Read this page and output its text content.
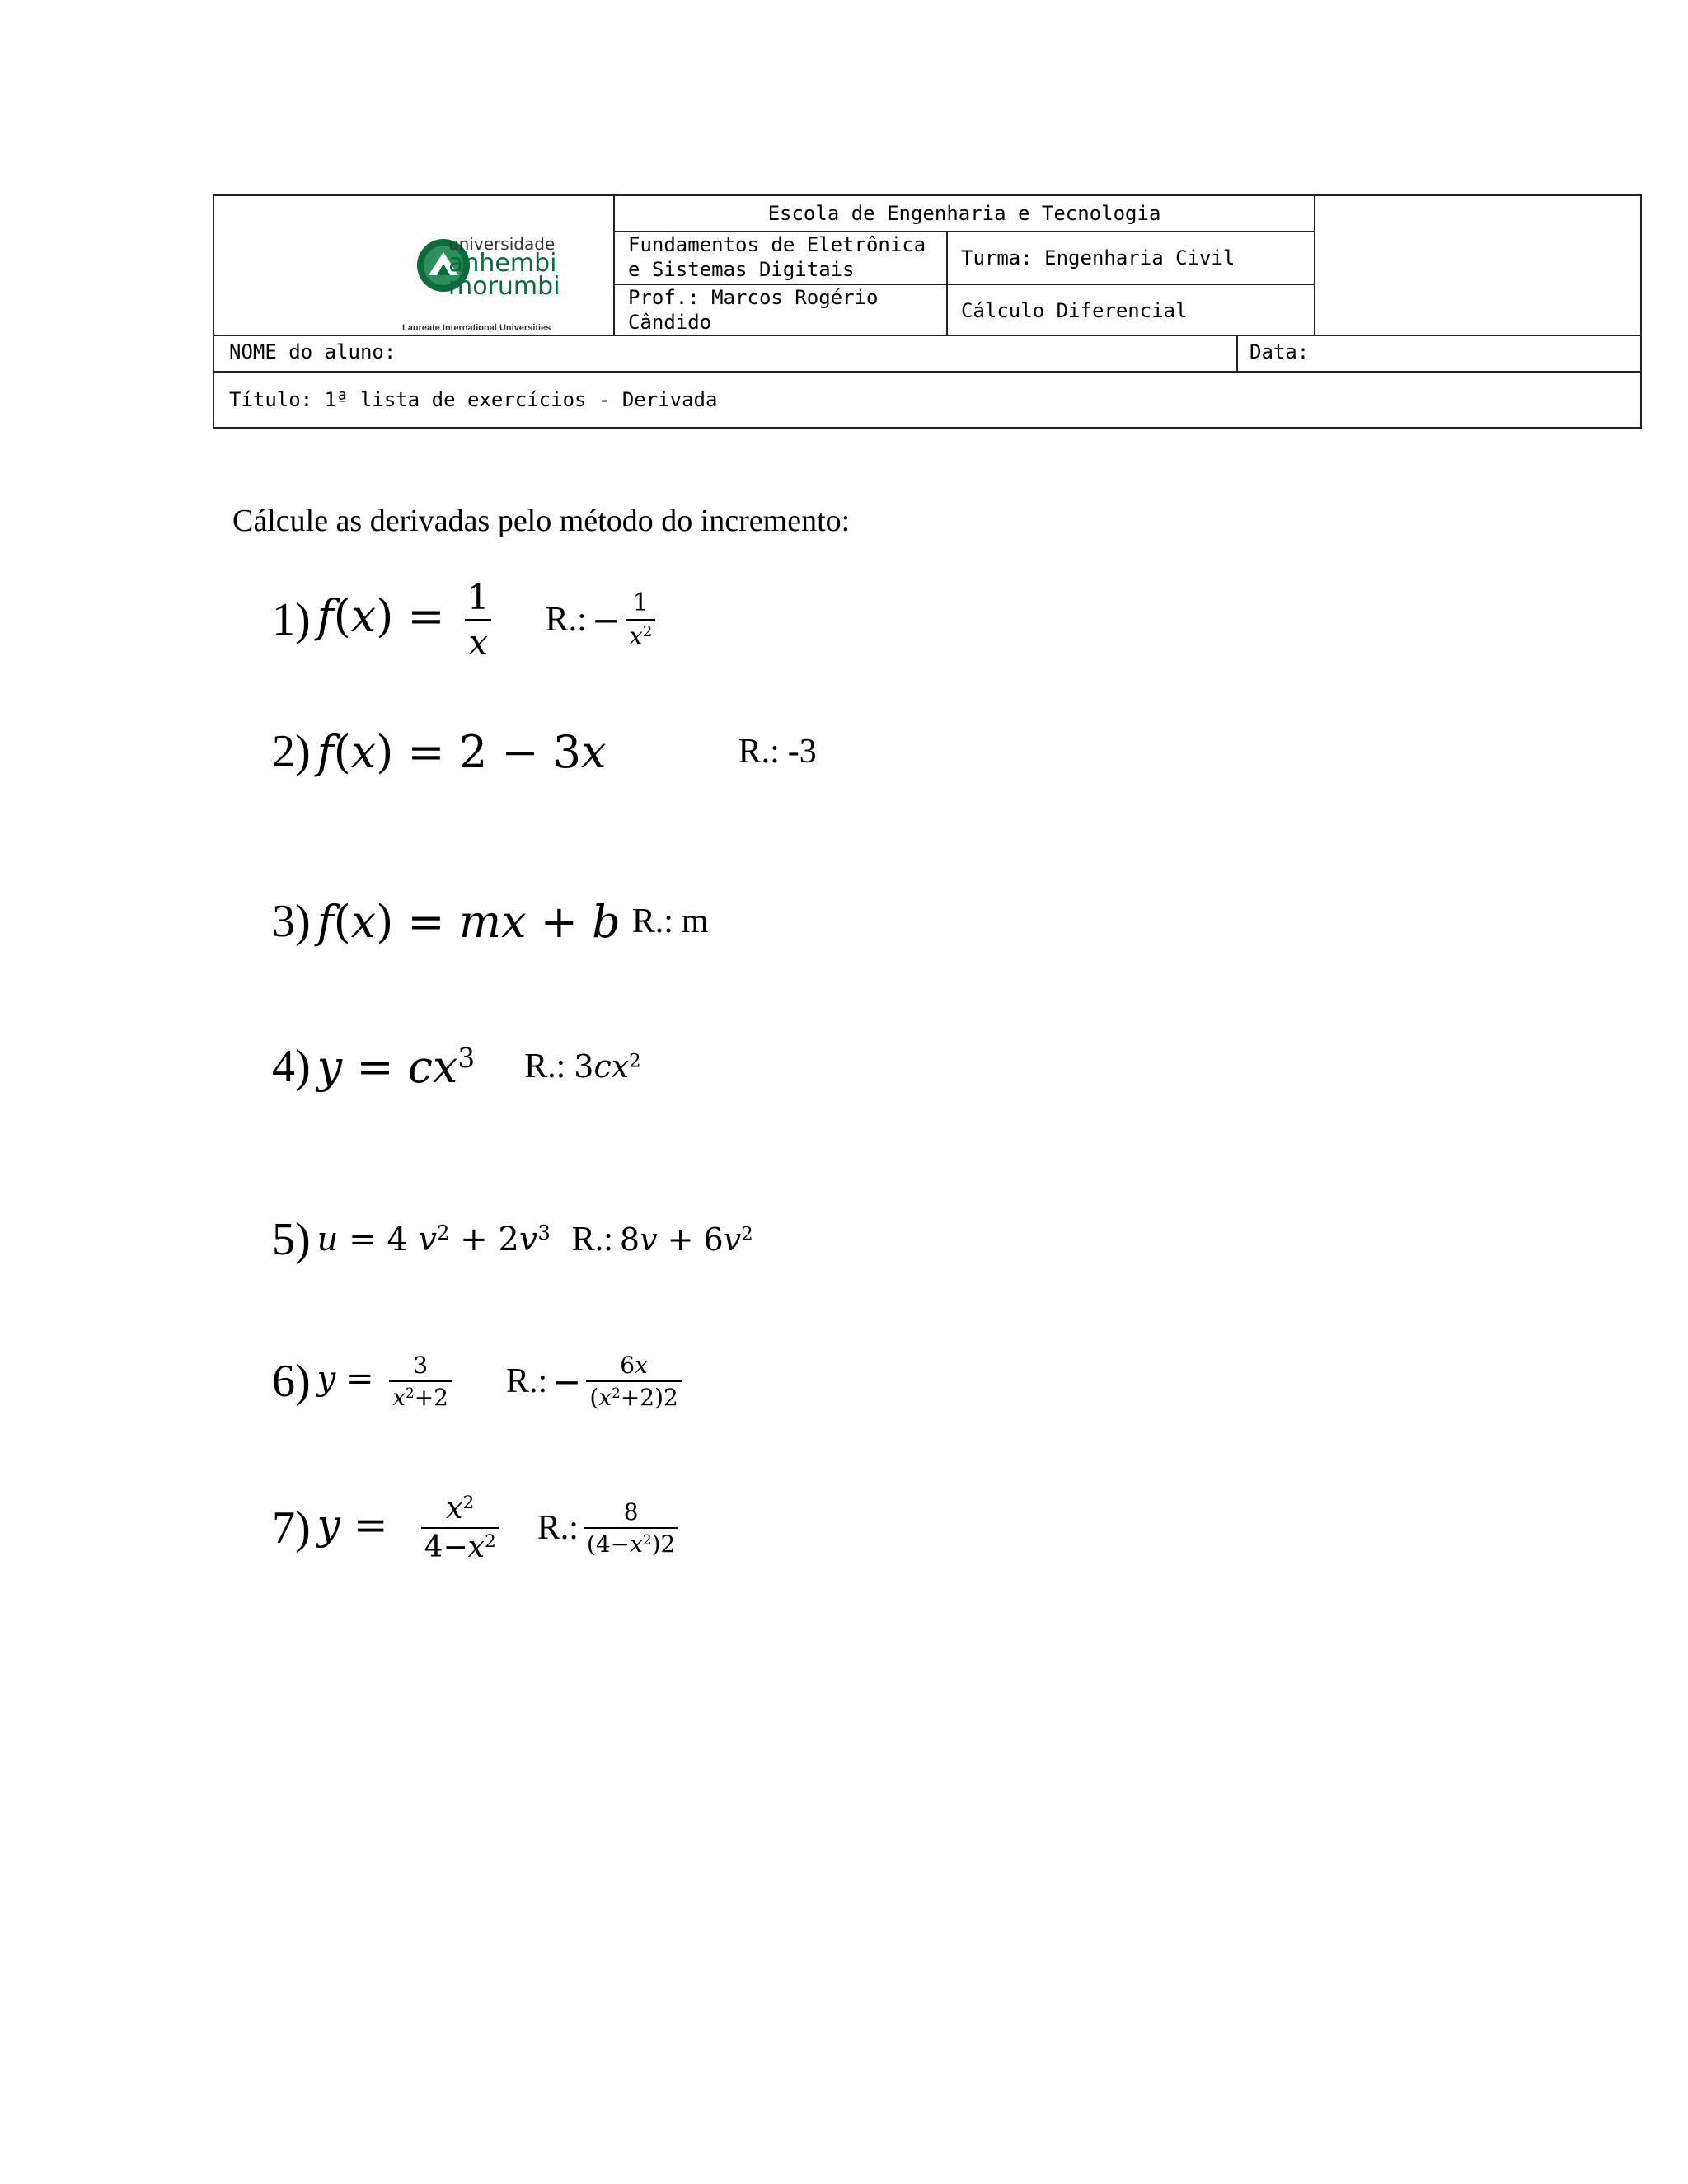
universidade
anhembi
morumbi
Laureate International Universities
Escola de Engenharia e Tecnologia
Fundamentos de Eletrônica
e Sistemas Digitais	Turma: Engenharia Civil
Prof.: Marcos Rogério
Cândido	Cálculo Diferencial
NOME do aluno:	Data:
Título: 1ª lista de exercícios - Derivada
Cálcule as derivadas pelo método do incremento:
1) $f(x) = \frac{1}{x} R$.: − $\frac{1}{x^2}$
2) f(x) = 2 − 3x	R.: -3
3) f(x) = mx + b R.: m
4) $y = cx^3$ R.: $3cx^2$
5) u = 4 $v^2 + 2v^3$ R.: $8v + 6v^2$
6) $y = \frac{3}{x^2+2} R$.: − $\frac{6x}{(x^2+2)2}$
7) $y = \frac{x^2}{4-x^2} R$.: $\frac{8}{(4-x^2)2}$
